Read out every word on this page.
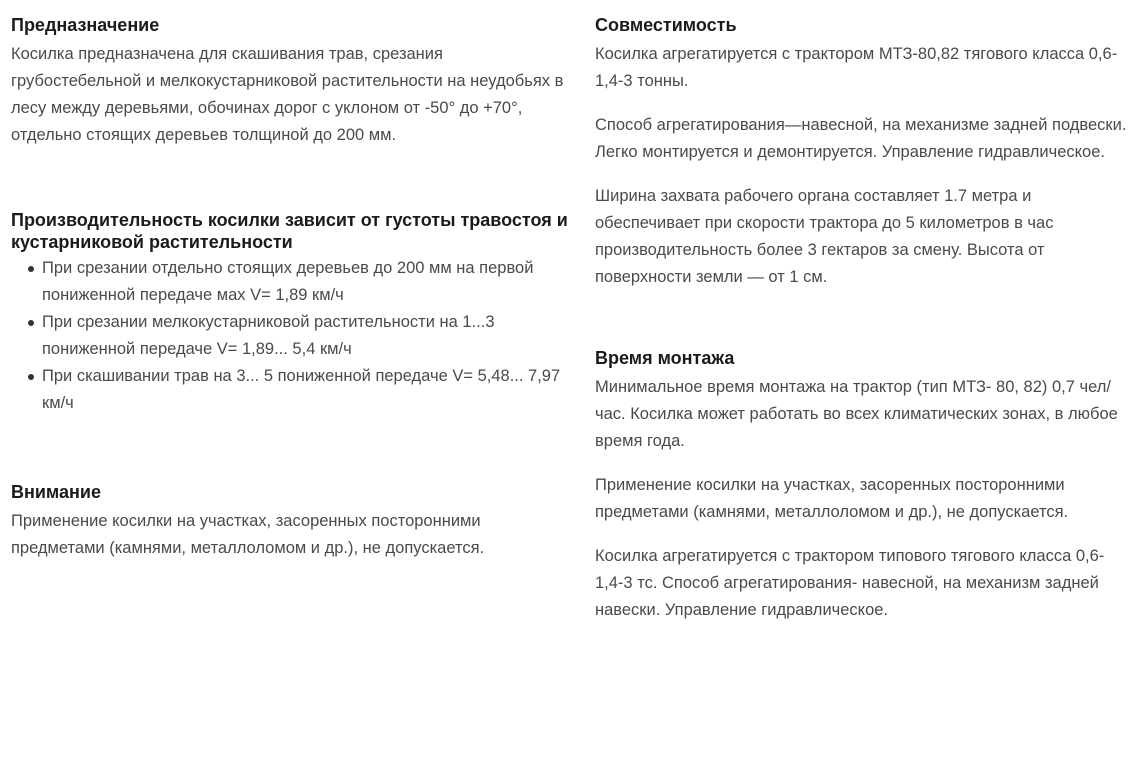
Предназначение

Косилка предназначена для скашивания трав, срезания грубостебельной и мелкокустарниковой растительности на неудобьях в лесу между деревьями, обочинах дорог с уклоном от -50° до +70°, отдельно стоящих деревьев толщиной до 200 мм.

Производительность косилки зависит от густоты травостоя и кустарниковой растительности
При срезании отдельно стоящих деревьев до 200 мм на первой пониженной передаче мах V= 1,89 км/ч
При срезании мелкокустарниковой растительности на 1...3 пониженной передаче V= 1,89... 5,4 км/ч
При скашивании трав на 3... 5 пониженной передаче V= 5,48... 7,97 км/ч
Внимание

Применение косилки на участках, засоренных посторонними предметами (камнями, металлоломом и др.), не допускается.

Совместимость

Косилка агрегатируется с трактором МТЗ-80,82 тягового класса 0,6-1,4-3 тонны.

Способ агрегатирования—навесной, на механизме задней подвески. Легко монтируется и демонтируется. Управление гидравлическое.

Ширина захвата рабочего органа составляет 1.7 метра и обеспечивает при скорости трактора до 5 километров в час производительность более 3 гектаров за смену. Высота от поверхности земли — от 1 см.

Время монтажа

Минимальное время монтажа на трактор (тип МТЗ- 80, 82) 0,7 чел/час. Косилка может работать во всех климатических зонах, в любое время года.

Применение косилки на участках, засоренных посторонними предметами (камнями, металлоломом и др.), не допускается.

Косилка агрегатируется с трактором типового тягового класса 0,6-1,4-3 тс. Способ агрегатирования- навесной, на механизм задней навески. Управление гидравлическое.
